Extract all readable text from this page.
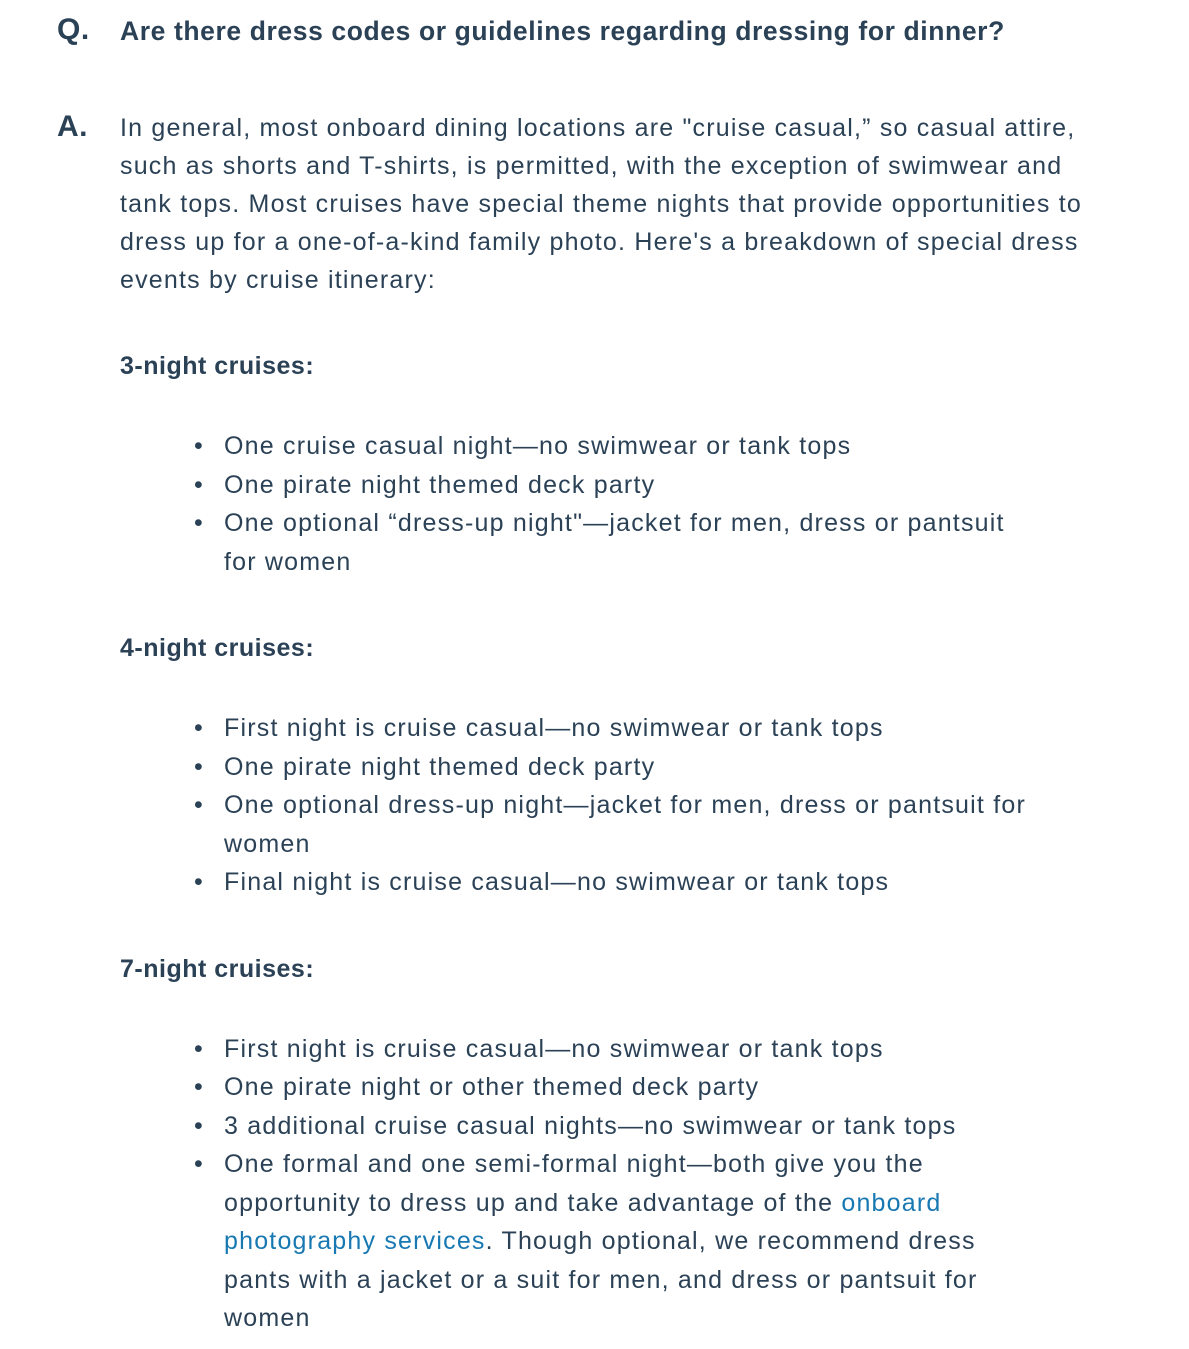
Q.	Are there dress codes or guidelines regarding dressing for dinner?
A.	In general, most onboard dining locations are "cruise casual,” so casual attire, such as shorts and T-shirts, is permitted, with the exception of swimwear and tank tops. Most cruises have special theme nights that provide opportunities to dress up for a one-of-a-kind family photo. Here's a breakdown of special dress events by cruise itinerary:

3-night cruises:
• One cruise casual night—no swimwear or tank tops
• One pirate night themed deck party
• One optional “dress-up night"—jacket for men, dress or pantsuit for women
4-night cruises:
• First night is cruise casual—no swimwear or tank tops
• One pirate night themed deck party
• One optional dress-up night—jacket for men, dress or pantsuit for women
• Final night is cruise casual—no swimwear or tank tops
7-night cruises:
• First night is cruise casual—no swimwear or tank tops
• One pirate night or other themed deck party
• 3 additional cruise casual nights—no swimwear or tank tops
• One formal and one semi-formal night—both give you the opportunity to dress up and take advantage of the onboard photography services. Though optional, we recommend dress pants with a jacket or a suit for men, and dress or pantsuit for women
